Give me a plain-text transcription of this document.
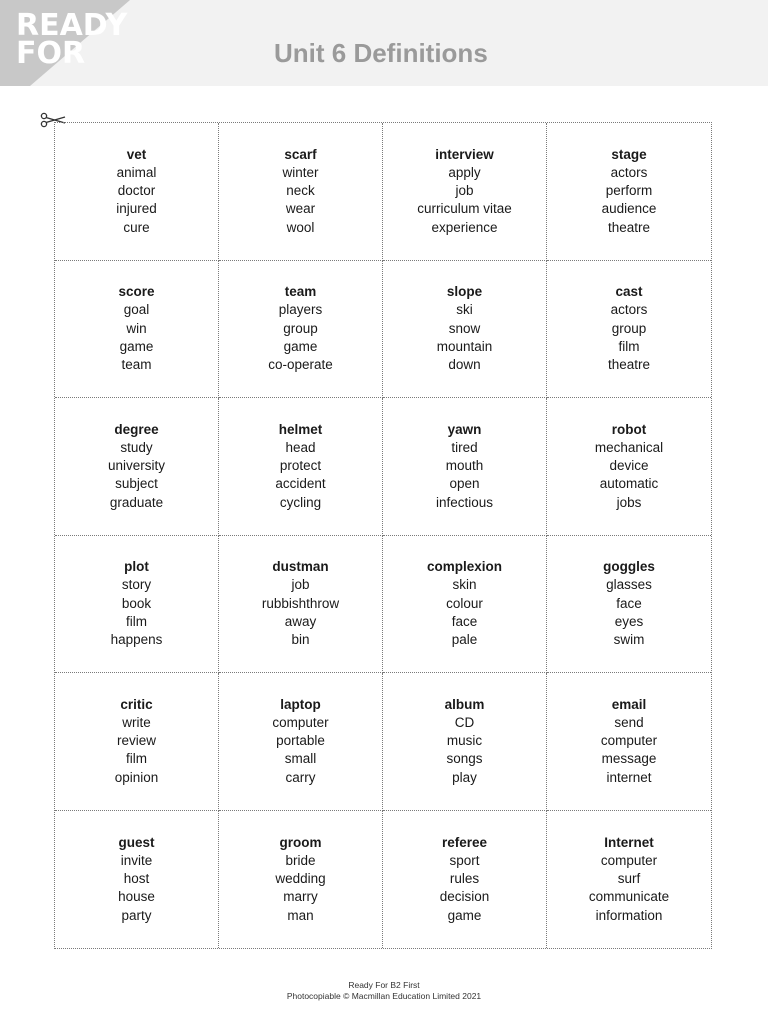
READY
FOR	Unit 6 Definitions
vet
animal
doctor
injured
cure
scarf
winter
neck
wear
wool
interview
apply
job
curriculum vitae
experience
stage
actors
perform
audience
theatre
score
goal
win
game
team
team
players
group
game
co-operate
slope
ski
snow
mountain
down
cast
actors
group
film
theatre
degree
study
university
subject
graduate
helmet
head
protect
accident
cycling
yawn
tired
mouth
open
infectious
robot
mechanical
device
automatic
jobs
plot
story
book
film
happens
dustman
job
rubbishthrow
away
bin
complexion
skin
colour
face
pale
goggles
glasses
face
eyes
swim
critic
write
review
film
opinion
laptop
computer
portable
small
carry
album
CD
music
songs
play
email
send
computer
message
internet
guest
invite
host
house
party
groom
bride
wedding
marry
man
referee
sport
rules
decision
game
Internet
computer
surf
communicate
information
Ready For B2 First
Photocopiable © Macmillan Education Limited 2021
